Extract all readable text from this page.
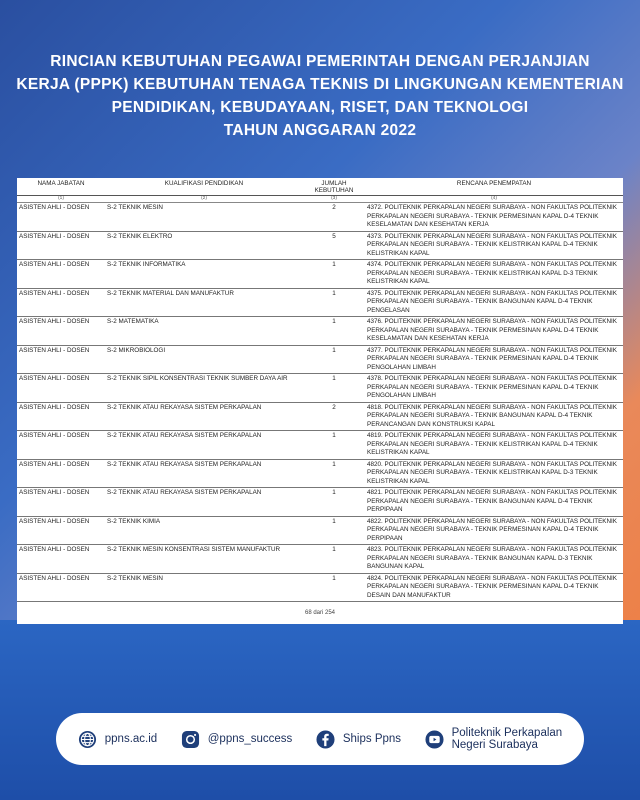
RINCIAN KEBUTUHAN PEGAWAI PEMERINTAH DENGAN PERJANJIAN
KERJA (PPPK) KEBUTUHAN TENAGA TEKNIS DI LINGKUNGAN KEMENTERIAN
PENDIDIKAN, KEBUDAYAAN, RISET, DAN TEKNOLOGI
TAHUN ANGGARAN 2022
NAMA JABATAN	KUALIFIKASI PENDIDIKAN	JUMLAH KEBUTUHAN	RENCANA PENEMPATAN
(1)	(2)	(3)	(4)
ASISTEN AHLI - DOSEN	S-2 TEKNIK MESIN	2	4372. POLITEKNIK PERKAPALAN NEGERI SURABAYA - NON FAKULTAS POLITEKNIK PERKAPALAN NEGERI SURABAYA - TEKNIK PERMESINAN KAPAL D-4 TEKNIK KESELAMATAN DAN KESEHATAN KERJA
ASISTEN AHLI - DOSEN	S-2 TEKNIK ELEKTRO	5	4373. POLITEKNIK PERKAPALAN NEGERI SURABAYA - NON FAKULTAS POLITEKNIK PERKAPALAN NEGERI SURABAYA - TEKNIK KELISTRIKAN KAPAL D-4 TEKNIK KELISTRIKAN KAPAL
ASISTEN AHLI - DOSEN	S-2 TEKNIK INFORMATIKA	1	4374. POLITEKNIK PERKAPALAN NEGERI SURABAYA - NON FAKULTAS POLITEKNIK PERKAPALAN NEGERI SURABAYA - TEKNIK KELISTRIKAN KAPAL D-3 TEKNIK KELISTRIKAN KAPAL
ASISTEN AHLI - DOSEN	S-2 TEKNIK MATERIAL DAN MANUFAKTUR	1	4375. POLITEKNIK PERKAPALAN NEGERI SURABAYA - NON FAKULTAS POLITEKNIK PERKAPALAN NEGERI SURABAYA - TEKNIK BANGUNAN KAPAL D-4 TEKNIK PENGELASAN
ASISTEN AHLI - DOSEN	S-2 MATEMATIKA	1	4376. POLITEKNIK PERKAPALAN NEGERI SURABAYA - NON FAKULTAS POLITEKNIK PERKAPALAN NEGERI SURABAYA - TEKNIK PERMESINAN KAPAL D-4 TEKNIK KESELAMATAN DAN KESEHATAN KERJA
ASISTEN AHLI - DOSEN	S-2 MIKROBIOLOGI	1	4377. POLITEKNIK PERKAPALAN NEGERI SURABAYA - NON FAKULTAS POLITEKNIK PERKAPALAN NEGERI SURABAYA - TEKNIK PERMESINAN KAPAL D-4 TEKNIK PENGOLAHAN LIMBAH
ASISTEN AHLI - DOSEN	S-2 TEKNIK SIPIL KONSENTRASI TEKNIK SUMBER DAYA AIR	1	4378. POLITEKNIK PERKAPALAN NEGERI SURABAYA - NON FAKULTAS POLITEKNIK PERKAPALAN NEGERI SURABAYA - TEKNIK PERMESINAN KAPAL D-4 TEKNIK PENGOLAHAN LIMBAH
ASISTEN AHLI - DOSEN	S-2 TEKNIK ATAU REKAYASA SISTEM PERKAPALAN	2	4818. POLITEKNIK PERKAPALAN NEGERI SURABAYA - NON FAKULTAS POLITEKNIK PERKAPALAN NEGERI SURABAYA - TEKNIK BANGUNAN KAPAL D-4 TEKNIK PERANCANGAN DAN KONSTRUKSI KAPAL
ASISTEN AHLI - DOSEN	S-2 TEKNIK ATAU REKAYASA SISTEM PERKAPALAN	1	4819. POLITEKNIK PERKAPALAN NEGERI SURABAYA - NON FAKULTAS POLITEKNIK PERKAPALAN NEGERI SURABAYA - TEKNIK KELISTRIKAN KAPAL D-4 TEKNIK KELISTRIKAN KAPAL
ASISTEN AHLI - DOSEN	S-2 TEKNIK ATAU REKAYASA SISTEM PERKAPALAN	1	4820. POLITEKNIK PERKAPALAN NEGERI SURABAYA - NON FAKULTAS POLITEKNIK PERKAPALAN NEGERI SURABAYA - TEKNIK KELISTRIKAN KAPAL D-3 TEKNIK KELISTRIKAN KAPAL
ASISTEN AHLI - DOSEN	S-2 TEKNIK ATAU REKAYASA SISTEM PERKAPALAN	1	4821. POLITEKNIK PERKAPALAN NEGERI SURABAYA - NON FAKULTAS POLITEKNIK PERKAPALAN NEGERI SURABAYA - TEKNIK BANGUNAN KAPAL D-4 TEKNIK PERPIPAAN
ASISTEN AHLI - DOSEN	S-2 TEKNIK KIMIA	1	4822. POLITEKNIK PERKAPALAN NEGERI SURABAYA - NON FAKULTAS POLITEKNIK PERKAPALAN NEGERI SURABAYA - TEKNIK PERMESINAN KAPAL D-4 TEKNIK PERPIPAAN
ASISTEN AHLI - DOSEN	S-2 TEKNIK MESIN KONSENTRASI SISTEM MANUFAKTUR	1	4823. POLITEKNIK PERKAPALAN NEGERI SURABAYA - NON FAKULTAS POLITEKNIK PERKAPALAN NEGERI SURABAYA - TEKNIK BANGUNAN KAPAL D-3 TEKNIK BANGUNAN KAPAL
ASISTEN AHLI - DOSEN	S-2 TEKNIK MESIN	1	4824. POLITEKNIK PERKAPALAN NEGERI SURABAYA - NON FAKULTAS POLITEKNIK PERKAPALAN NEGERI SURABAYA - TEKNIK PERMESINAN KAPAL D-4 TEKNIK DESAIN DAN MANUFAKTUR
68 dari 254
ppns.ac.id	@ppns_success	Ships Ppns	Politeknik Perkapalan
Negeri Surabaya
